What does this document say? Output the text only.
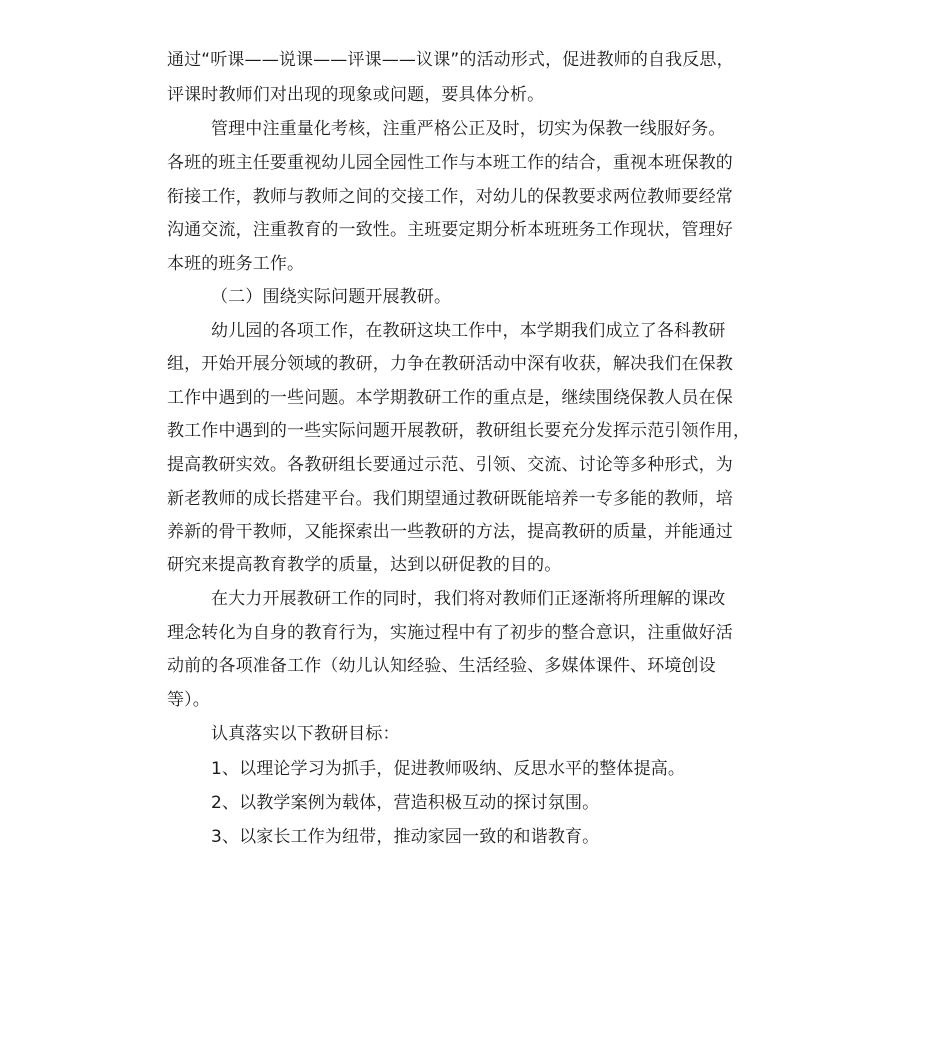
通过“听课——说课——评课——议课”的活动形式，促进教师的自我反思，
评课时教师们对出现的现象或问题，要具体分析。
管理中注重量化考核，注重严格公正及时，切实为保教一线服好务。
各班的班主任要重视幼儿园全园性工作与本班工作的结合，重视本班保教的
衔接工作，教师与教师之间的交接工作，对幼儿的保教要求两位教师要经常
沟通交流，注重教育的一致性。主班要定期分析本班班务工作现状，管理好
本班的班务工作。
（二）围绕实际问题开展教研。
幼儿园的各项工作，在教研这块工作中，本学期我们成立了各科教研
组，开始开展分领域的教研，力争在教研活动中深有收获，解决我们在保教
工作中遇到的一些问题。本学期教研工作的重点是，继续围绕保教人员在保
教工作中遇到的一些实际问题开展教研，教研组长要充分发挥示范引领作用，
提高教研实效。各教研组长要通过示范、引领、交流、讨论等多种形式，为
新老教师的成长搭建平台。我们期望通过教研既能培养一专多能的教师，培
养新的骨干教师，又能探索出一些教研的方法，提高教研的质量，并能通过
研究来提高教育教学的质量，达到以研促教的目的。
在大力开展教研工作的同时，我们将对教师们正逐渐将所理解的课改
理念转化为自身的教育行为，实施过程中有了初步的整合意识，注重做好活
动前的各项准备工作（幼儿认知经验、生活经验、多媒体课件、环境创设
等）。
认真落实以下教研目标：
1、以理论学习为抓手，促进教师吸纳、反思水平的整体提高。
2、以教学案例为载体，营造积极互动的探讨氛围。
3、以家长工作为纽带，推动家园一致的和谐教育。
